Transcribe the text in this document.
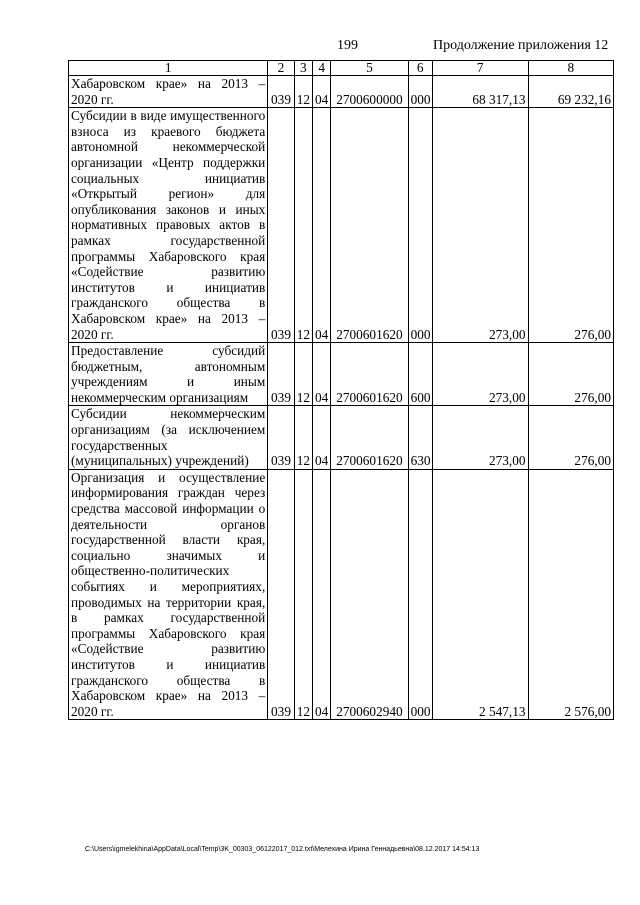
199	Продолжение приложения 12
1	2	3	4	5	6	7	8
Хабаровском крае» на 2013 – 2020 гг.	039	12	04	2700600000	000	68 317,13	69 232,16
Субсидии в виде имущественного взноса из краевого бюджета автономной некоммерческой организации «Центр поддержки социальных инициатив «Открытый регион» для опубликования законов и иных нормативных правовых актов в рамках государственной программы Хабаровского края «Содействие развитию институтов и инициатив гражданского общества в Хабаровском крае» на 2013 – 2020 гг.	039	12	04	2700601620	000	273,00	276,00
Предоставление субсидий бюджетным, автономным учреждениям и иным некоммерческим организациям	039	12	04	2700601620	600	273,00	276,00
Субсидии некоммерческим организациям (за исключением государственных (муниципальных) учреждений)	039	12	04	2700601620	630	273,00	276,00
Организация и осуществление информирования граждан через средства массовой информации о деятельности органов государственной власти края, социально значимых и общественно-политических событиях и мероприятиях, проводимых на территории края, в рамках государственной программы Хабаровского края «Содействие развитию институтов и инициатив гражданского общества в Хабаровском крае» на 2013 – 2020 гг.	039	12	04	2700602940	000	2 547,13	2 576,00
C:\Users\igmelekhina\AppData\Local\Temp\3K_00303_06122017_012.txt\Мелехина Ирина Геннадьевна\08.12.2017 14:54:13
